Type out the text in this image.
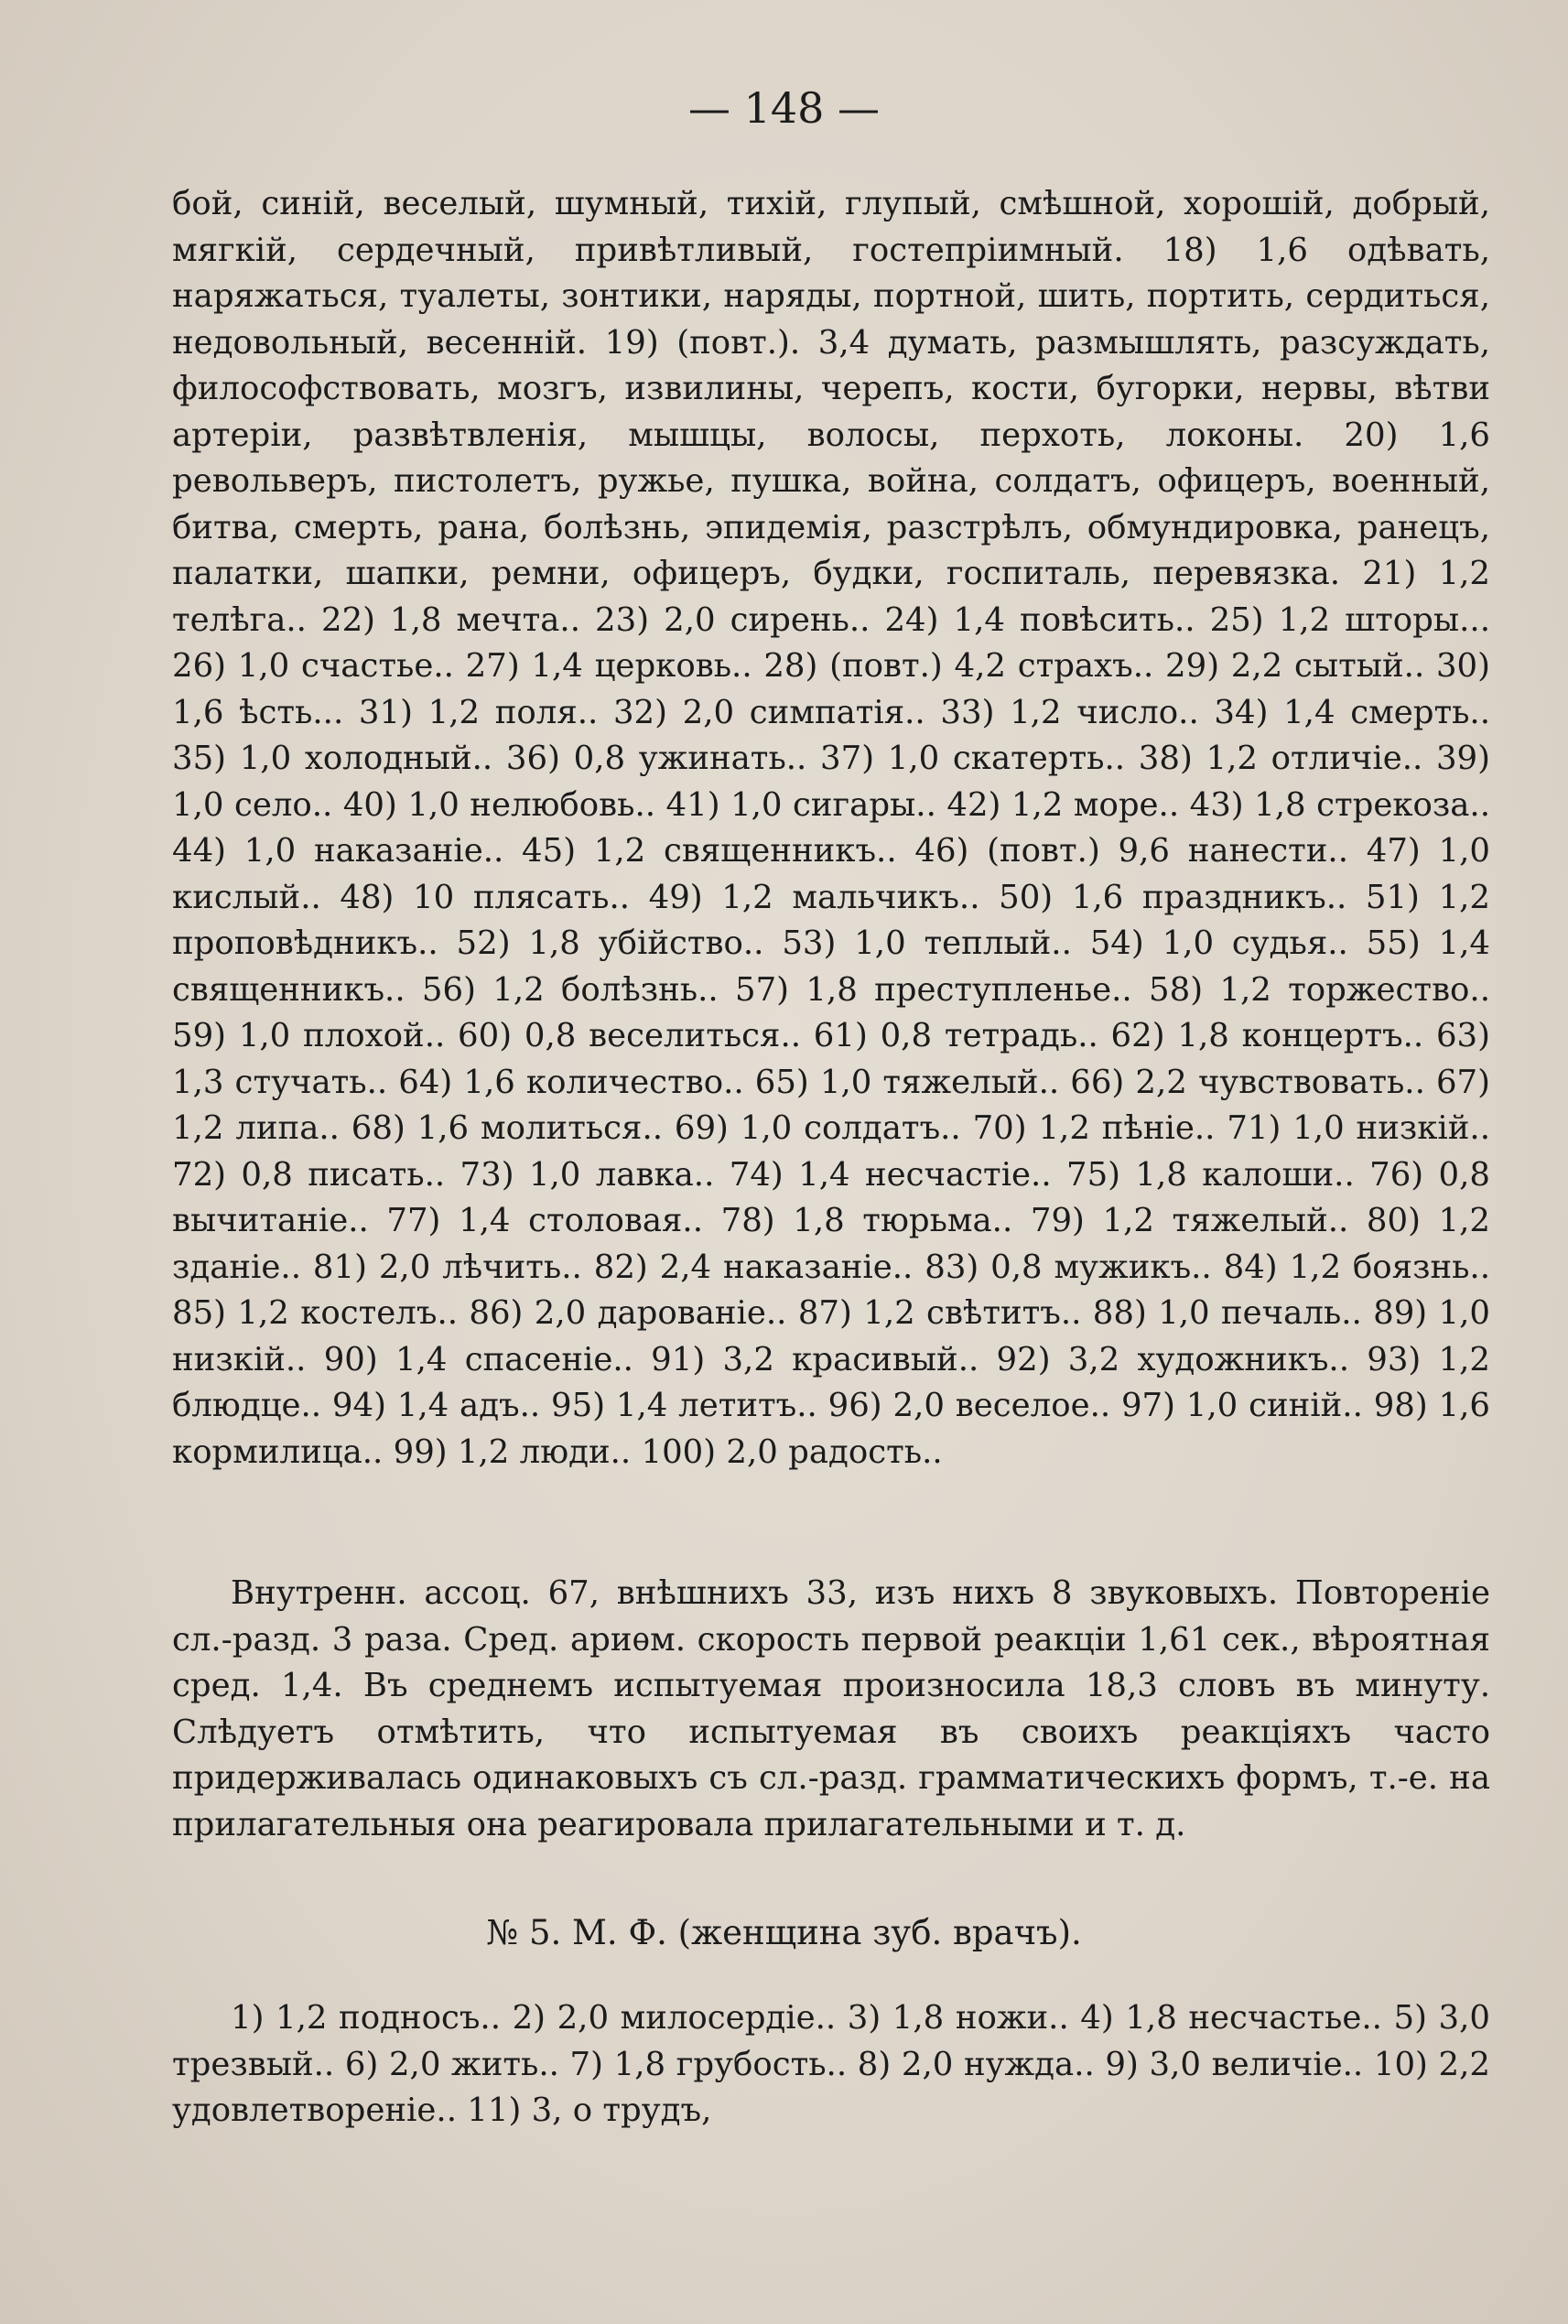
— 148 —

бой, синій, веселый, шумный, тихій, глупый, смѣшной, хорошій, добрый, мягкій, сердечный, привѣтливый, гостепріимный. 18) 1,6 одѣвать, наряжаться, туалеты, зонтики, наряды, портной, шить, портить, сердиться, недовольный, весенній. 19) (повт.). 3,4 думать, размышлять, разсуждать, философствовать, мозгъ, извилины, черепъ, кости, бугорки, нервы, вѣтви артеріи, развѣтвленія, мышцы, волосы, перхоть, локоны. 20) 1,6 револьверъ, пистолетъ, ружье, пушка, война, солдатъ, офицеръ, военный, битва, смерть, рана, болѣзнь, эпидемія, разстрѣлъ, обмундировка, ранецъ, палатки, шапки, ремни, офицеръ, будки, госпиталь, перевязка. 21) 1,2 телѣга.. 22) 1,8 мечта.. 23) 2,0 сирень.. 24) 1,4 повѣсить.. 25) 1,2 шторы... 26) 1,0 счастье.. 27) 1,4 церковь.. 28) (повт.) 4,2 страхъ.. 29) 2,2 сытый.. 30) 1,6 ѣсть... 31) 1,2 поля.. 32) 2,0 симпатія.. 33) 1,2 число.. 34) 1,4 смерть.. 35) 1,0 холодный.. 36) 0,8 ужинать.. 37) 1,0 скатерть.. 38) 1,2 отличіе.. 39) 1,0 село.. 40) 1,0 нелюбовь.. 41) 1,0 сигары.. 42) 1,2 море.. 43) 1,8 стрекоза.. 44) 1,0 наказаніе.. 45) 1,2 священникъ.. 46) (повт.) 9,6 нанести.. 47) 1,0 кислый.. 48) 10 плясать.. 49) 1,2 мальчикъ.. 50) 1,6 праздникъ.. 51) 1,2 проповѣдникъ.. 52) 1,8 убійство.. 53) 1,0 теплый.. 54) 1,0 судья.. 55) 1,4 священникъ.. 56) 1,2 болѣзнь.. 57) 1,8 преступленье.. 58) 1,2 торжество.. 59) 1,0 плохой.. 60) 0,8 веселиться.. 61) 0,8 тетрадь.. 62) 1,8 концертъ.. 63) 1,3 стучать.. 64) 1,6 количество.. 65) 1,0 тяжелый.. 66) 2,2 чувствовать.. 67) 1,2 липа.. 68) 1,6 молиться.. 69) 1,0 солдатъ.. 70) 1,2 пѣніе.. 71) 1,0 низкій.. 72) 0,8 писать.. 73) 1,0 лавка.. 74) 1,4 несчастіе.. 75) 1,8 калоши.. 76) 0,8 вычитаніе.. 77) 1,4 столовая.. 78) 1,8 тюрьма.. 79) 1,2 тяжелый.. 80) 1,2 зданіе.. 81) 2,0 лѣчить.. 82) 2,4 наказаніе.. 83) 0,8 мужикъ.. 84) 1,2 боязнь.. 85) 1,2 костелъ.. 86) 2,0 дарованіе.. 87) 1,2 свѣтитъ.. 88) 1,0 печаль.. 89) 1,0 низкій.. 90) 1,4 спасеніе.. 91) 3,2 красивый.. 92) 3,2 художникъ.. 93) 1,2 блюдце.. 94) 1,4 адъ.. 95) 1,4 летитъ.. 96) 2,0 веселое.. 97) 1,0 синій.. 98) 1,6 кормилица.. 99) 1,2 люди.. 100) 2,0 радость..

Внутренн. ассоц. 67, внѣшнихъ 33, изъ нихъ 8 звуковыхъ. Повтореніе сл.-разд. 3 раза. Сред. ариѳм. скорость первой реакціи 1,61 сек., вѣроятная сред. 1,4. Въ среднемъ испытуемая произносила 18,3 словъ въ минуту. Слѣдуетъ отмѣтить, что испытуемая въ своихъ реакціяхъ часто придерживалась одинаковыхъ съ сл.-разд. грамматическихъ формъ, т.-е. на прилагательныя она реагировала прилагательными и т. д.

№ 5. М. Ф. (женщина зуб. врачъ).

1) 1,2 подносъ.. 2) 2,0 милосердіе.. 3) 1,8 ножи.. 4) 1,8 несчастье.. 5) 3,0 трезвый.. 6) 2,0 жить.. 7) 1,8 грубость.. 8) 2,0 нужда.. 9) 3,0 величіе.. 10) 2,2 удовлетвореніе.. 11) 3, о трудъ,
